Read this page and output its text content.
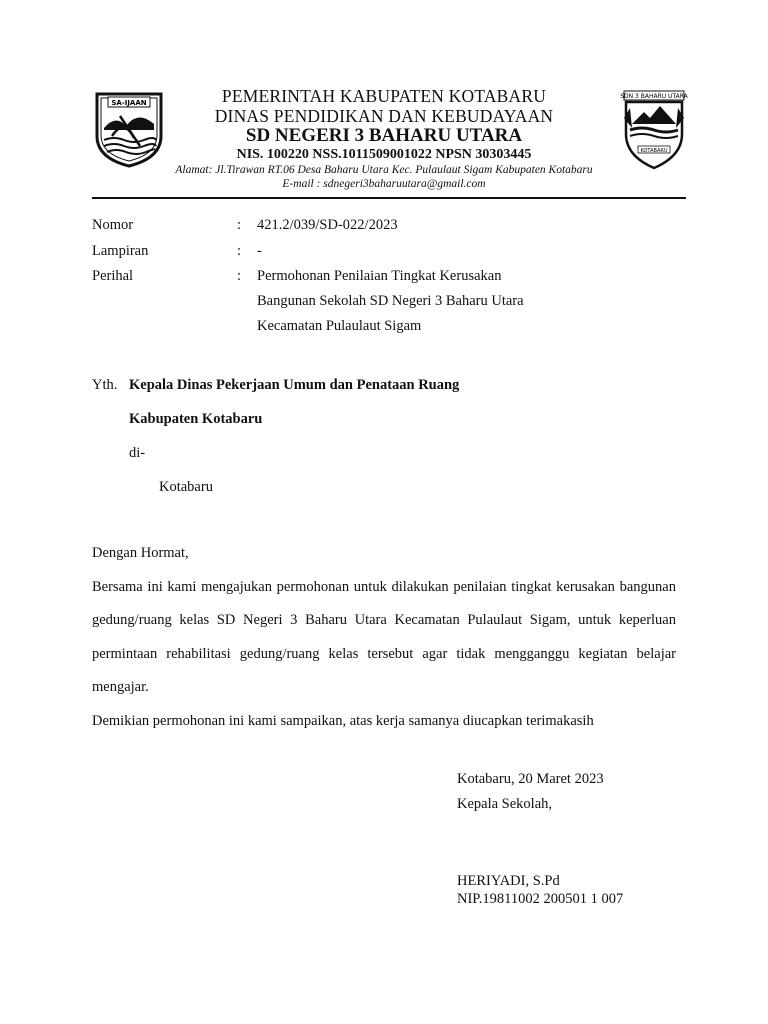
SA-IJAAN
SDN 3 BAHARU UTARA
KOTABARU
PEMERINTAH KABUPATEN KOTABARU
DINAS PENDIDIKAN DAN KEBUDAYAAN
SD NEGERI 3 BAHARU UTARA
NIS. 100220 NSS.1011509001022 NPSN 30303445
Alamat: Jl.Tirawan RT.06 Desa Baharu Utara Kec. Pulaulaut Sigam Kabupaten Kotabaru
E-mail : sdnegeri3baharuutara@gmail.com
Nomor	: 421.2/039/SD-022/2023
Lampiran	: -
Perihal	: Permohonan Penilaian Tingkat Kerusakan
Bangunan Sekolah SD Negeri 3 Baharu Utara
Kecamatan Pulaulaut Sigam
Yth. Kepala Dinas Pekerjaan Umum dan Penataan Ruang
Kabupaten Kotabaru
di-
Kotabaru
Dengan Hormat,
Bersama ini kami mengajukan permohonan untuk dilakukan penilaian tingkat kerusakan bangunan gedung/ruang kelas SD Negeri 3 Baharu Utara Kecamatan Pulaulaut Sigam, untuk keperluan permintaan rehabilitasi gedung/ruang kelas tersebut agar tidak mengganggu kegiatan belajar mengajar.
Demikian permohonan ini kami sampaikan, atas kerja samanya diucapkan terimakasih
Kotabaru, 20 Maret 2023
Kepala Sekolah,
HERIYADI, S.Pd
NIP.19811002 200501 1 007
